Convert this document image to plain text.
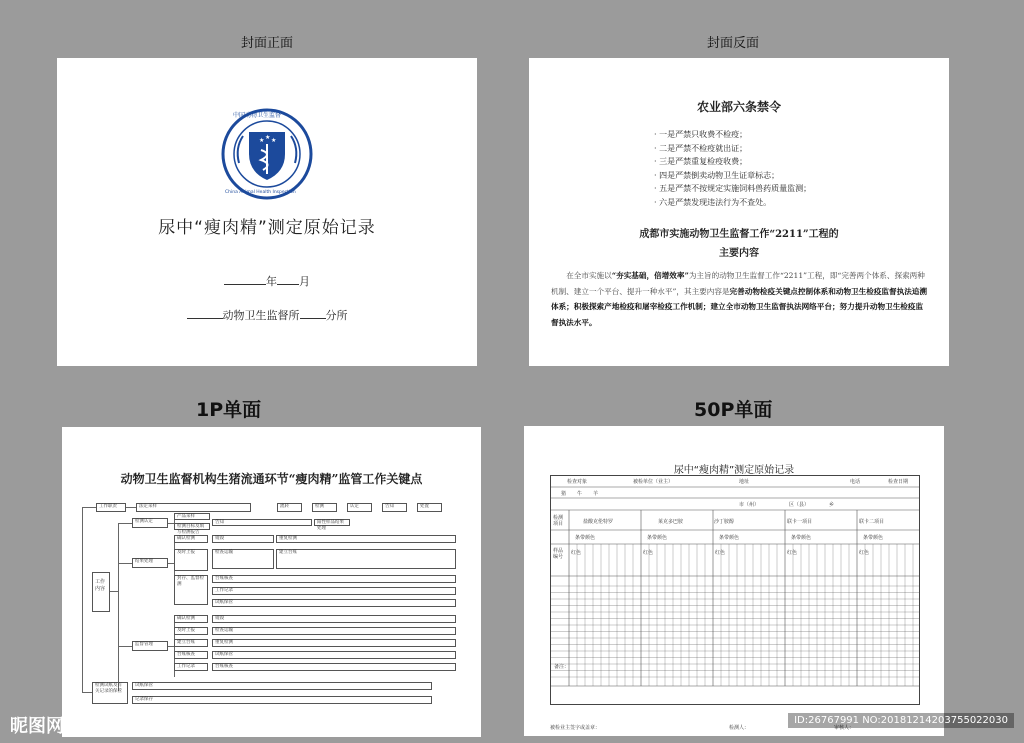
封面正面	封面反面
1P单面	50P单面
★ ★ ★
中国动物卫生监督
China Animal Health Inspection
尿中“瘦肉精”测定原始记录
年 月
动物卫生监督所 分所
农业部六条禁令
· 一是严禁只收费不检疫；
· 二是严禁不检疫就出证；
· 三是严禁重复检疫收费；
· 四是严禁倒卖动物卫生证章标志；
· 五是严禁不按规定实施饲料兽药质量监测；
· 六是严禁发现违法行为不查处。
成都市实施动物卫生监督工作“2211”工程的
主要内容
在全市实施以“夯实基础，倍增效率”为主旨的动物卫生监督工作“2211”工程，即“完善两个体系、探索两种机制、建立一个平台、提升一种水平”，其主要内容是完善动物检疫关键点控制体系和动物卫生检疫监督执法追溯体系；积极探索产地检疫和屠宰检疫工作机制；建立全市动物卫生监督执法网络平台；努力提升动物卫生检疫监督执法水平。
动物卫生监督机构生猪流通环节“瘦肉精”监管工作关键点
工作内容
工作职责	法定采样	流转	检测	认定	告知	处置
检测认定
结果处理
监督管理
检测试纸及有关记录的保管
产品采样
检测目标及填写检测报告
告知	阳性样品结果处理
确认检测
及时上报
封存、监督检测
销毁
检查运输
重复检测
建立台账
台账核查
工作记录
试纸保管
确认检测
及时上报
建立台账
台账核查
工作记录
销毁
检查运输
重复检测
试纸保管
台账核查
试纸保管
记录保存
尿中“瘦肉精”测定原始记录
检查对象	被检单位（业主）	地址	电话	检查日期
猪 牛 羊
市（州）	区（县）	乡
检测项目
样品编号
盐酸克伦特罗	莱克多巴胺	沙丁胺醇	联卡一项目	联卡二项目
条带颜色	条带颜色	条带颜色	条带颜色	条带颜色
红色	红色	红色	红色	红色
备注：
被检业主签字或盖章：	检测人：	审核人：
昵图网 www.nipic.com	ID:26767991 NO:20181214203755022030
